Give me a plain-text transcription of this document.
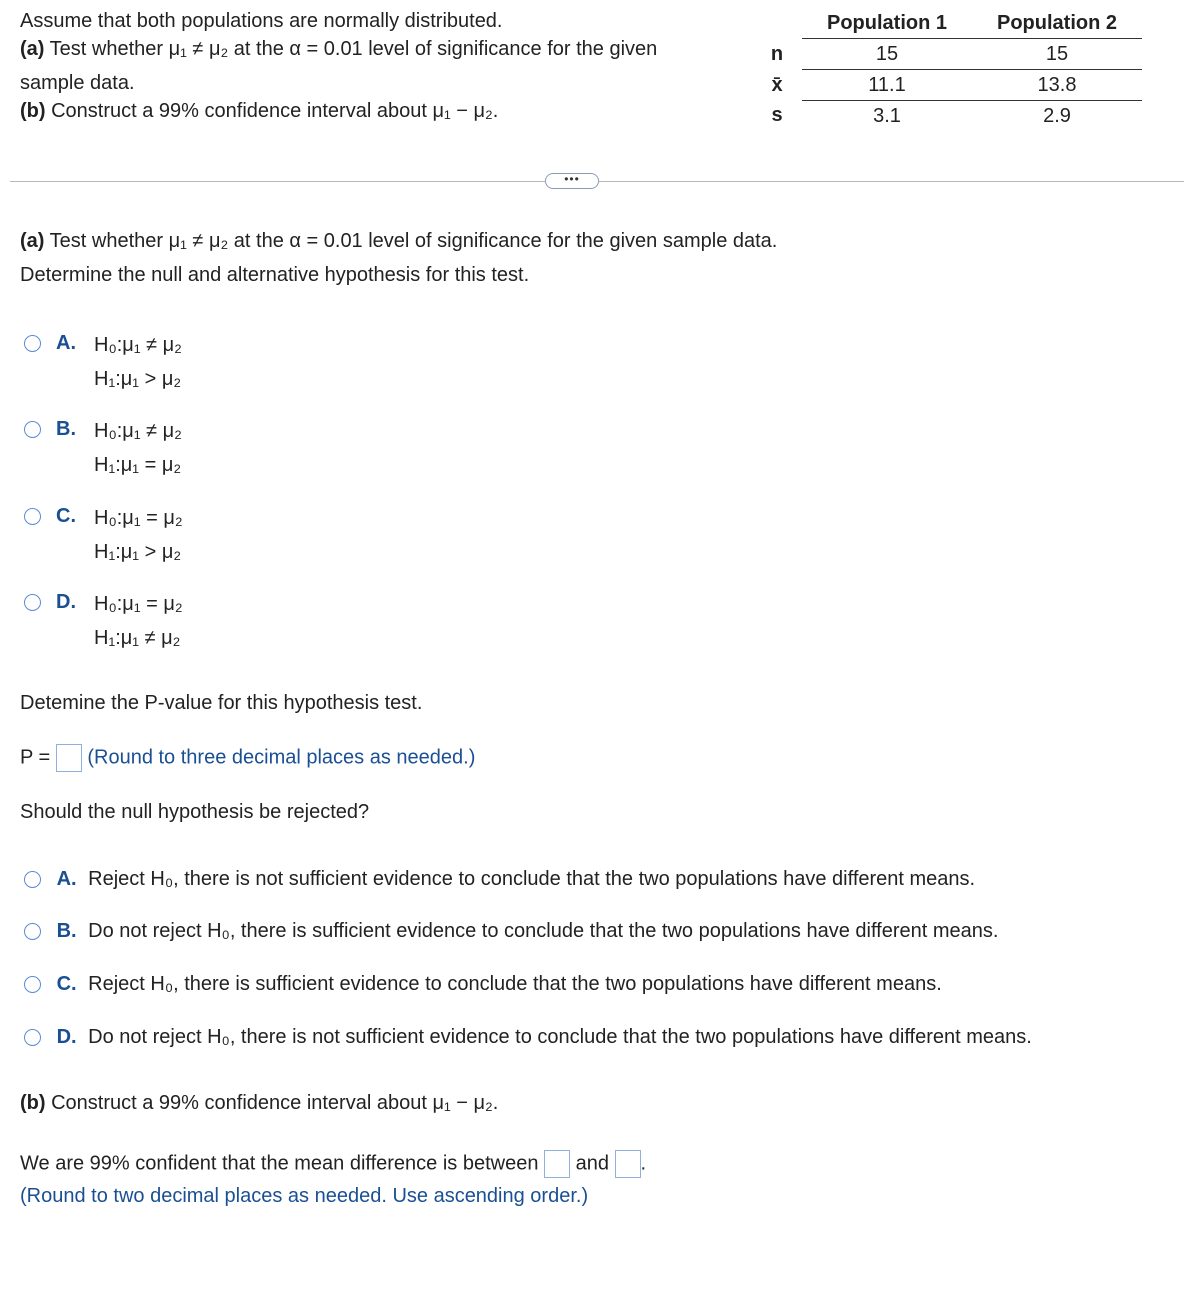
Assume that both populations are normally distributed.
(a) Test whether μ₁ ≠ μ₂ at the α = 0.01 level of significance for the given
sample data.
(b) Construct a 99% confidence interval about μ₁ − μ₂.
	Population 1	Population 2
n	15	15
x̄	11.1	13.8
s	3.1	2.9
•••
(a) Test whether μ₁ ≠ μ₂ at the α = 0.01 level of significance for the given sample data.
Determine the null and alternative hypothesis for this test.
A. H₀:μ₁ ≠ μ₂
H₁:μ₁ > μ₂
B. H₀:μ₁ ≠ μ₂
H₁:μ₁ = μ₂
C. H₀:μ₁ = μ₂
H₁:μ₁ > μ₂
D. H₀:μ₁ = μ₂
H₁:μ₁ ≠ μ₂
Detemine the P-value for this hypothesis test.
P = (Round to three decimal places as needed.)
Should the null hypothesis be rejected?
A. Reject H₀, there is not sufficient evidence to conclude that the two populations have different means.
B. Do not reject H₀, there is sufficient evidence to conclude that the two populations have different means.
C. Reject H₀, there is sufficient evidence to conclude that the two populations have different means.
D. Do not reject H₀, there is not sufficient evidence to conclude that the two populations have different means.
(b) Construct a 99% confidence interval about μ₁ − μ₂.
We are 99% confident that the mean difference is between and .
(Round to two decimal places as needed. Use ascending order.)
